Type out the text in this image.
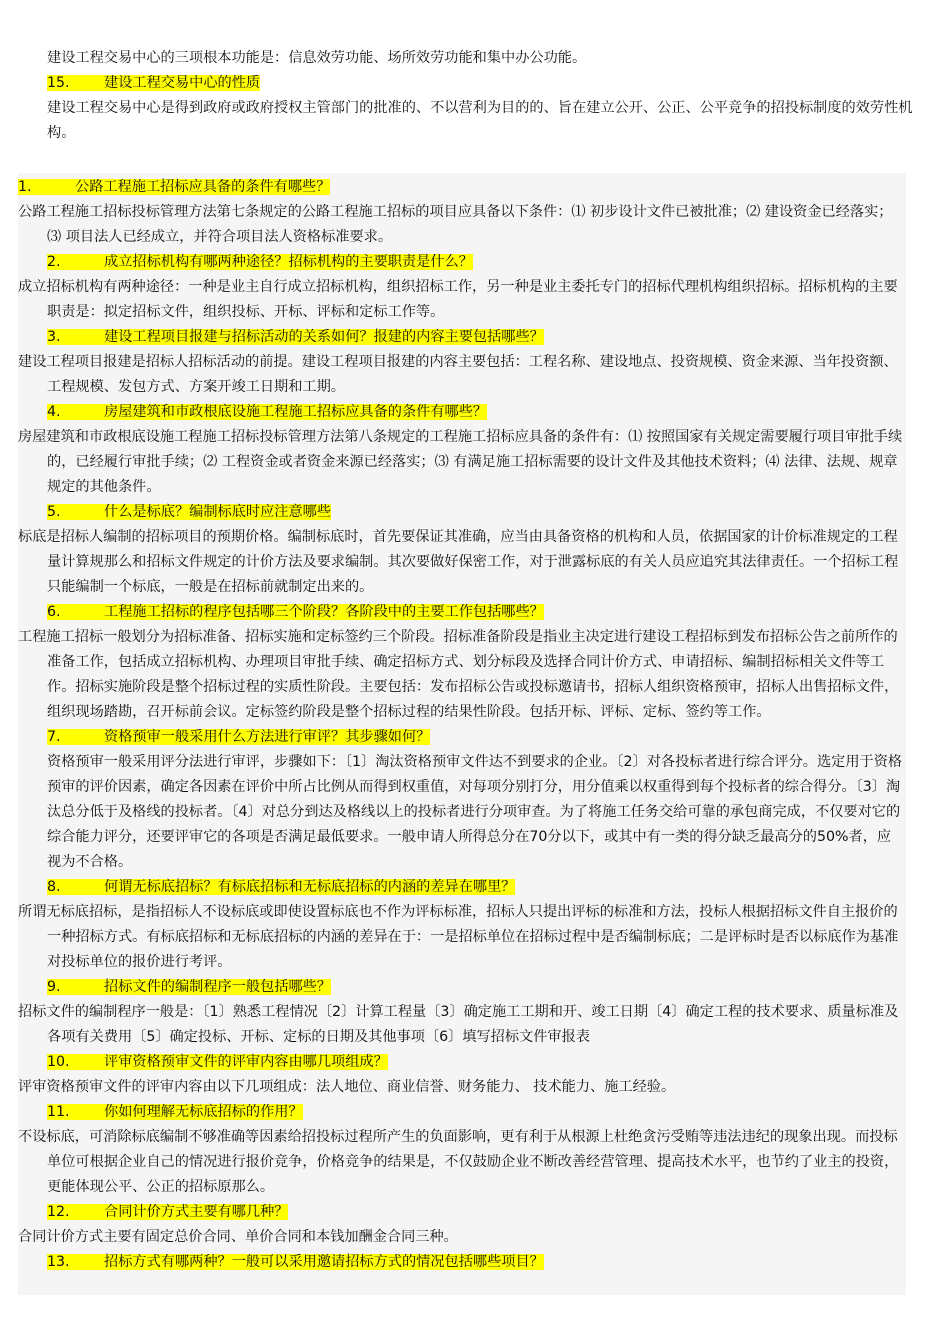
建设工程交易中心的三项根本功能是：信息效劳功能、场所效劳功能和集中办公功能。

15. 建设工程交易中心的性质

建设工程交易中心是得到政府或政府授权主管部门的批准的、不以营利为目的的、旨在建立公开、公正、公平竞争的招投标制度的效劳性机构。

1.	公路工程施工招标应具备的条件有哪些？

公路工程施工招标投标管理方法第七条规定的公路工程施工招标的项目应具备以下条件：⑴ 初步设计文件已被批准；⑵ 建设资金已经落实；⑶ 项目法人已经成立，并符合项目法人资格标准要求。

2.	成立招标机构有哪两种途径？招标机构的主要职责是什么？

成立招标机构有两种途径：一种是业主自行成立招标机构，组织招标工作，另一种是业主委托专门的招标代理机构组织招标。招标机构的主要职责是：拟定招标文件，组织投标、开标、评标和定标工作等。

3.	建设工程项目报建与招标活动的关系如何？报建的内容主要包括哪些？

建设工程项目报建是招标人招标活动的前提。建设工程项目报建的内容主要包括：工程名称、建设地点、投资规模、资金来源、当年投资额、工程规模、发包方式、方案开竣工日期和工期。

4.	房屋建筑和市政根底设施工程施工招标应具备的条件有哪些？

房屋建筑和市政根底设施工程施工招标投标管理方法第八条规定的工程施工招标应具备的条件有：⑴ 按照国家有关规定需要履行项目审批手续的，已经履行审批手续；⑵ 工程资金或者资金来源已经落实；⑶ 有满足施工招标需要的设计文件及其他技术资料；⑷ 法律、法规、规章规定的其他条件。

5.	什么是标底？编制标底时应注意哪些

标底是招标人编制的招标项目的预期价格。编制标底时，首先要保证其准确，应当由具备资格的机构和人员，依据国家的计价标准规定的工程量计算规那么和招标文件规定的计价方法及要求编制。其次要做好保密工作，对于泄露标底的有关人员应追究其法律责任。一个招标工程只能编制一个标底，一般是在招标前就制定出来的。

6.	工程施工招标的程序包括哪三个阶段？各阶段中的主要工作包括哪些？

工程施工招标一般划分为招标准备、招标实施和定标签约三个阶段。招标准备阶段是指业主决定进行建设工程招标到发布招标公告之前所作的准备工作，包括成立招标机构、办理项目审批手续、确定招标方式、划分标段及选择合同计价方式、申请招标、编制招标相关文件等工作。招标实施阶段是整个招标过程的实质性阶段。主要包括：发布招标公告或投标邀请书，招标人组织资格预审，招标人出售招标文件，组织现场踏勘，召开标前会议。定标签约阶段是整个招标过程的结果性阶段。包括开标、评标、定标、签约等工作。

7.	资格预审一般采用什么方法进行审评？其步骤如何？

资格预审一般采用评分法进行审评，步骤如下：〔1〕淘汰资格预审文件达不到要求的企业。〔2〕对各投标者进行综合评分。选定用于资格预审的评价因素，确定各因素在评价中所占比例从而得到权重值，对每项分别打分，用分值乘以权重得到每个投标者的综合得分。〔3〕淘汰总分低于及格线的投标者。〔4〕对总分到达及格线以上的投标者进行分项审查。为了将施工任务交给可靠的承包商完成，不仅要对它的综合能力评分，还要评审它的各项是否满足最低要求。一般申请人所得总分在70分以下，或其中有一类的得分缺乏最高分的50%者，应视为不合格。

8.	何谓无标底招标？有标底招标和无标底招标的内涵的差异在哪里？

所谓无标底招标，是指招标人不设标底或即使设置标底也不作为评标标准，招标人只提出评标的标准和方法，投标人根据招标文件自主报价的一种招标方式。有标底招标和无标底招标的内涵的差异在于：一是招标单位在招标过程中是否编制标底；二是评标时是否以标底作为基准对投标单位的报价进行考评。

9.	招标文件的编制程序一般包括哪些？

招标文件的编制程序一般是：〔1〕熟悉工程情况〔2〕计算工程量〔3〕确定施工工期和开、竣工日期〔4〕确定工程的技术要求、质量标准及各项有关费用〔5〕确定投标、开标、定标的日期及其他事项〔6〕填写招标文件审报表

10. 评审资格预审文件的评审内容由哪几项组成？

评审资格预审文件的评审内容由以下几项组成：法人地位、商业信誉、财务能力、 技术能力、施工经验。

11. 你如何理解无标底招标的作用？

不设标底，可消除标底编制不够准确等因素给招投标过程所产生的负面影响，更有利于从根源上杜绝贪污受贿等违法违纪的现象出现。而投标单位可根据企业自己的情况进行报价竞争，价格竞争的结果是，不仅鼓励企业不断改善经营管理、提高技术水平，也节约了业主的投资，更能体现公平、公正的招标原那么。

12. 合同计价方式主要有哪几种？

合同计价方式主要有固定总价合同、单价合同和本钱加酬金合同三种。

13. 招标方式有哪两种？一般可以采用邀请招标方式的情况包括哪些项目？
